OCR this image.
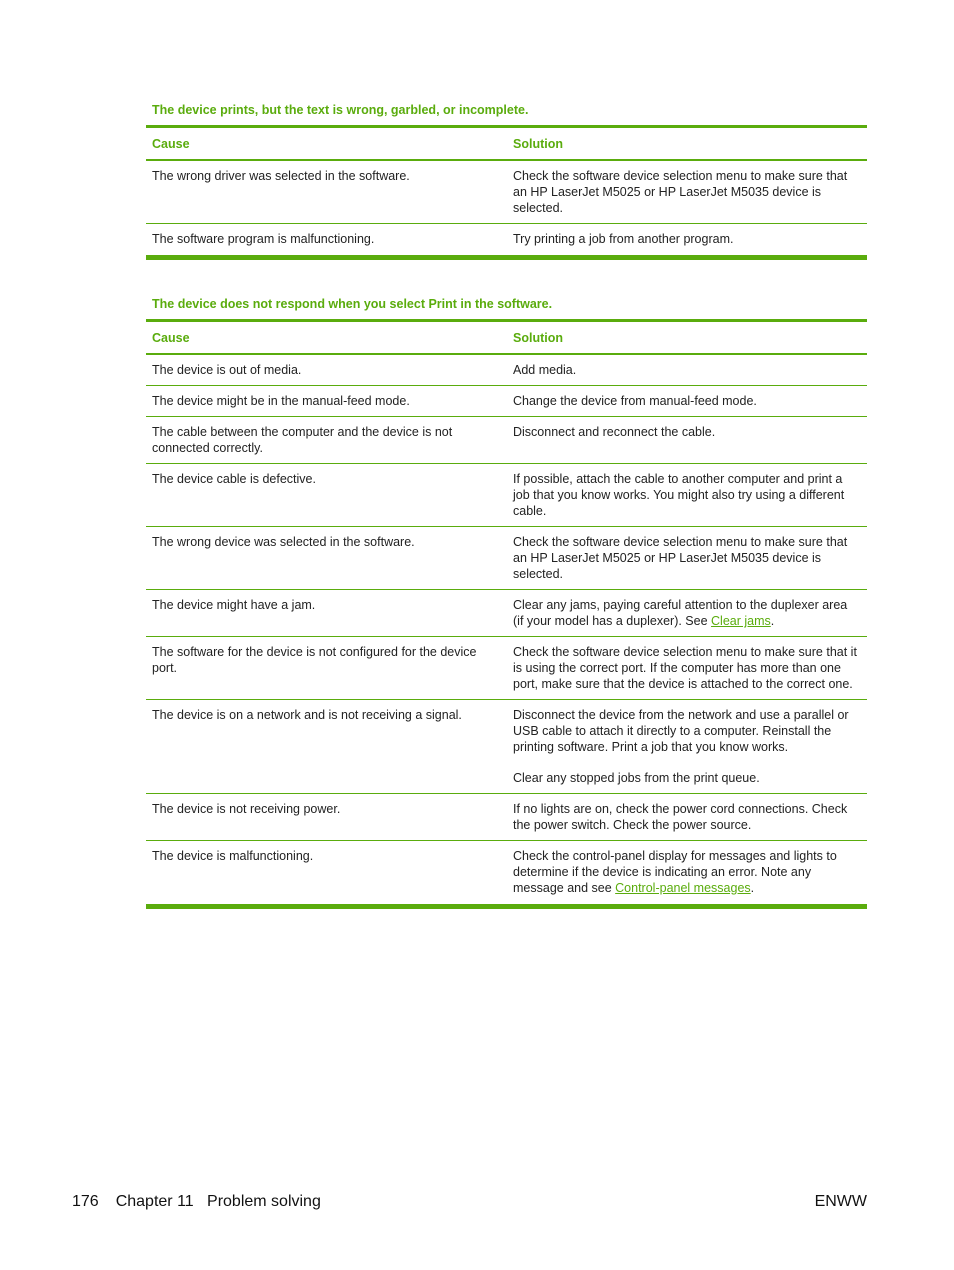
The device prints, but the text is wrong, garbled, or incomplete.
Cause	Solution
The wrong driver was selected in the software.	Check the software device selection menu to make sure that an HP LaserJet M5025 or HP LaserJet M5035 device is selected.
The software program is malfunctioning.	Try printing a job from another program.
The device does not respond when you select Print in the software.
Cause	Solution
The device is out of media.	Add media.
The device might be in the manual-feed mode.	Change the device from manual-feed mode.
The cable between the computer and the device is not connected correctly.	Disconnect and reconnect the cable.
The device cable is defective.	If possible, attach the cable to another computer and print a job that you know works. You might also try using a different cable.
The wrong device was selected in the software.	Check the software device selection menu to make sure that an HP LaserJet M5025 or HP LaserJet M5035 device is selected.
The device might have a jam.	Clear any jams, paying careful attention to the duplexer area (if your model has a duplexer). See Clear jams.
The software for the device is not configured for the device port.	Check the software device selection menu to make sure that it is using the correct port. If the computer has more than one port, make sure that the device is attached to the correct one.
The device is on a network and is not receiving a signal.	Disconnect the device from the network and use a parallel or USB cable to attach it directly to a computer. Reinstall the printing software. Print a job that you know works.
Clear any stopped jobs from the print queue.

The device is not receiving power.	If no lights are on, check the power cord connections. Check the power switch. Check the power source.
The device is malfunctioning.	Check the control-panel display for messages and lights to determine if the device is indicating an error. Note any message and see Control-panel messages.
176 Chapter 11   Problem solving	ENWW
